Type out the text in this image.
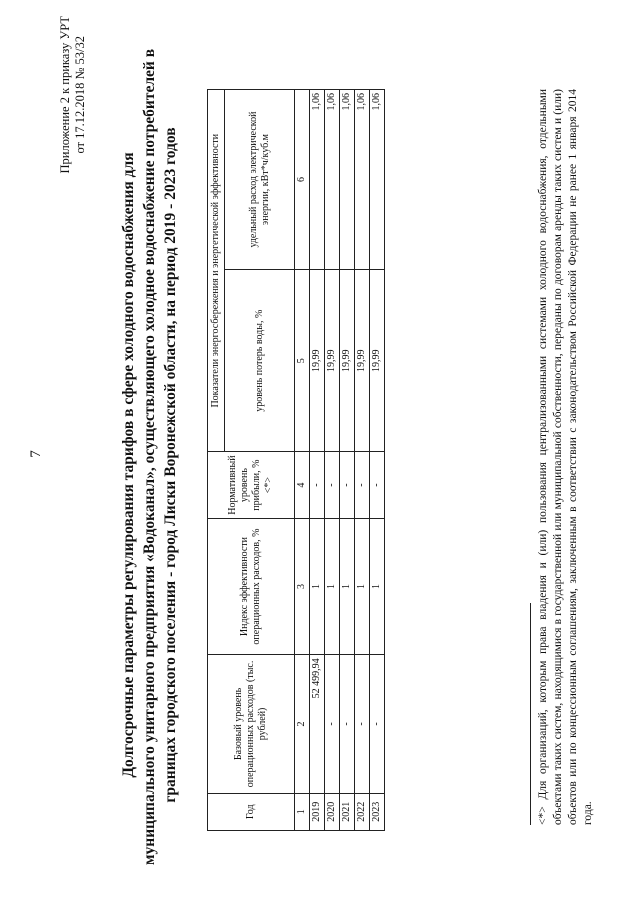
7
Приложение 2 к приказу УРТ от 17.12.2018 № 53/32
Долгосрочные параметры регулирования тарифов в сфере холодного водоснабжения для муниципального унитарного предприятия «Водоканал», осуществляющего холодное водоснабжение потребителей в границах городского поселения - город Лиски Воронежской области, на период 2019 - 2023 годов
Год	Базовый уровень операционных расходов (тыс. рублей)	Индекс эффективности операционных расходов, %	Нормативный уровень прибыли, % <*>	Показатели энергосбережения и энергетической эффективности	
				уровень потерь воды, %	удельный расход электрической энергии, кВт*ч/куб.м
1	2	3	4	5	6
2019	52 499,94	1	-	19,99	1,06
2020	-	1	-	19,99	1,06
2021	-	1	-	19,99	1,06
2022	-	1	-	19,99	1,06
2023	-	1	-	19,99	1,06	<*> Для организаций, которым права владения и (или) пользования централизованными системами холодного водоснабжения, отдельными объектами таких систем, находящимися в государственной или муниципальной собственности, переданы по договорам аренды таких систем и (или) объектов или по концессионным соглашениям, заключенным в соответствии с законодательством Российской Федерации не ранее 1 января 2014 года.
